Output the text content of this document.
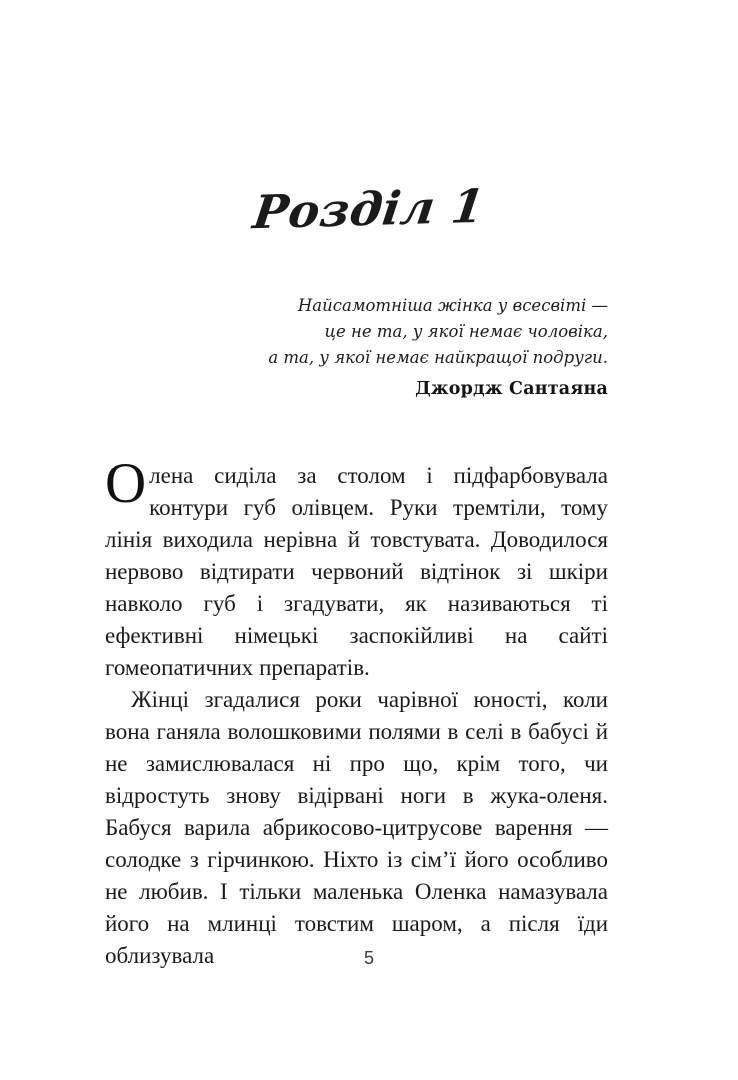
Розділ 1
Найсамотніша жінка у всесвіті —
це не та, у якої немає чоловіка,
а та, у якої немає найкращої подруги.
Джордж Сантаяна

Олена сиділа за столом і підфарбовувала контури губ олівцем. Руки тремтіли, тому лінія виходила нерівна й товстувата. Доводилося нервово відтирати червоний відтінок зі шкіри навколо губ і згадувати, як називаються ті ефективні німецькі заспокійливі на сайті гомеопатичних препаратів.

Жінці згадалися роки чарівної юності, коли вона ганяла волошковими полями в селі в бабусі й не замислювалася ні про що, крім того, чи відростуть знову відірвані ноги в жука-оленя. Бабуся варила абрикосово-цитрусове варення — солодке з гірчинкою. Ніхто із сім’ї його особливо не любив. І тільки маленька Оленка намазувала його на млинці товстим шаром, а після їди облизувала	5
